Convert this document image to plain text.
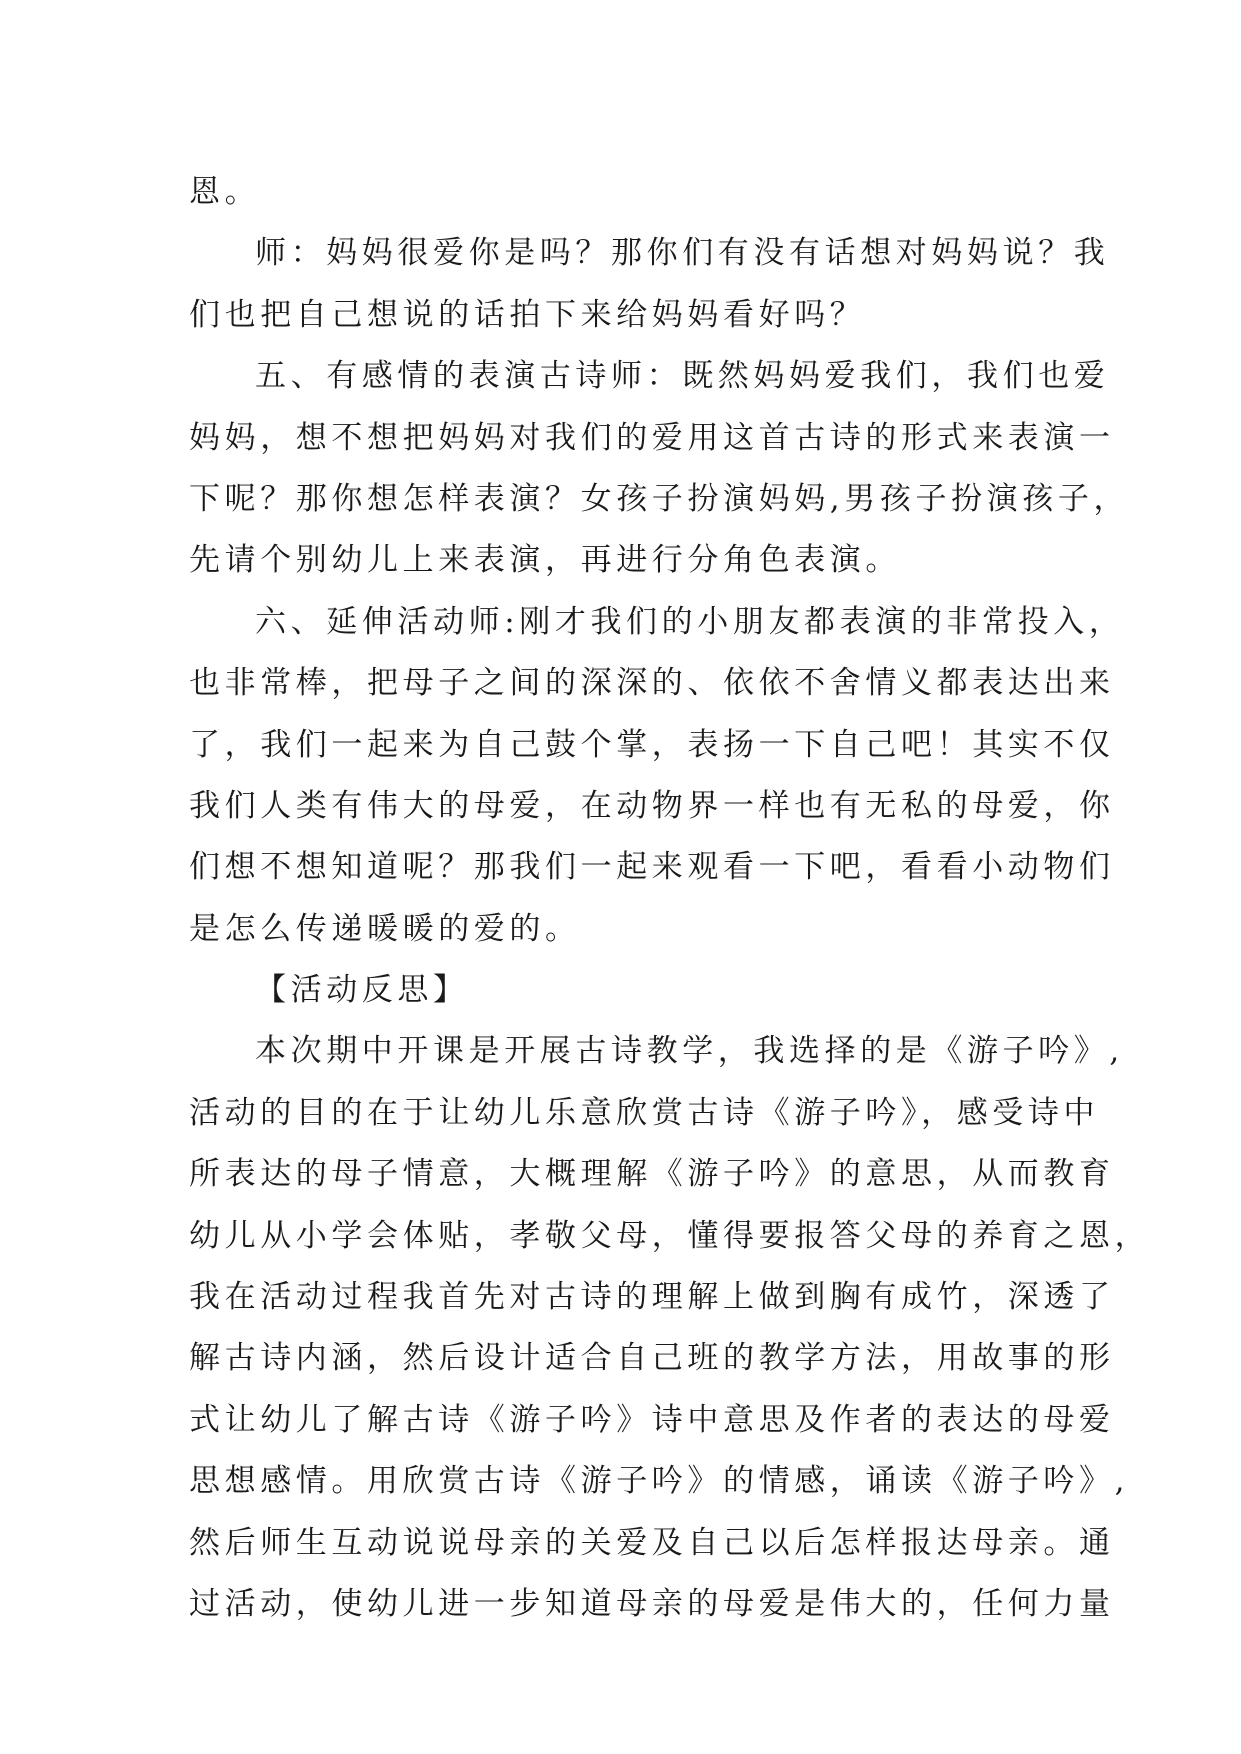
恩。
师：妈妈很爱你是吗？那你们有没有话想对妈妈说？我
们也把自己想说的话拍下来给妈妈看好吗？
五、有感情的表演古诗师：既然妈妈爱我们，我们也爱
妈妈，想不想把妈妈对我们的爱用这首古诗的形式来表演一
下呢？那你想怎样表演？女孩子扮演妈妈,男孩子扮演孩子，
先请个别幼儿上来表演，再进行分角色表演。
六、延伸活动师:刚才我们的小朋友都表演的非常投入，
也非常棒，把母子之间的深深的、依依不舍情义都表达出来
了，我们一起来为自己鼓个掌，表扬一下自己吧！其实不仅
我们人类有伟大的母爱，在动物界一样也有无私的母爱，你
们想不想知道呢？那我们一起来观看一下吧，看看小动物们
是怎么传递暖暖的爱的。
【活动反思】
本次期中开课是开展古诗教学，我选择的是《游子吟》,
活动的目的在于让幼儿乐意欣赏古诗《游子吟》，感受诗中
所表达的母子情意，大概理解《游子吟》的意思，从而教育
幼儿从小学会体贴，孝敬父母，懂得要报答父母的养育之恩，
我在活动过程我首先对古诗的理解上做到胸有成竹，深透了
解古诗内涵，然后设计适合自己班的教学方法，用故事的形
式让幼儿了解古诗《游子吟》诗中意思及作者的表达的母爱
思想感情。用欣赏古诗《游子吟》的情感，诵读《游子吟》,
然后师生互动说说母亲的关爱及自己以后怎样报达母亲。通
过活动，使幼儿进一步知道母亲的母爱是伟大的，任何力量
